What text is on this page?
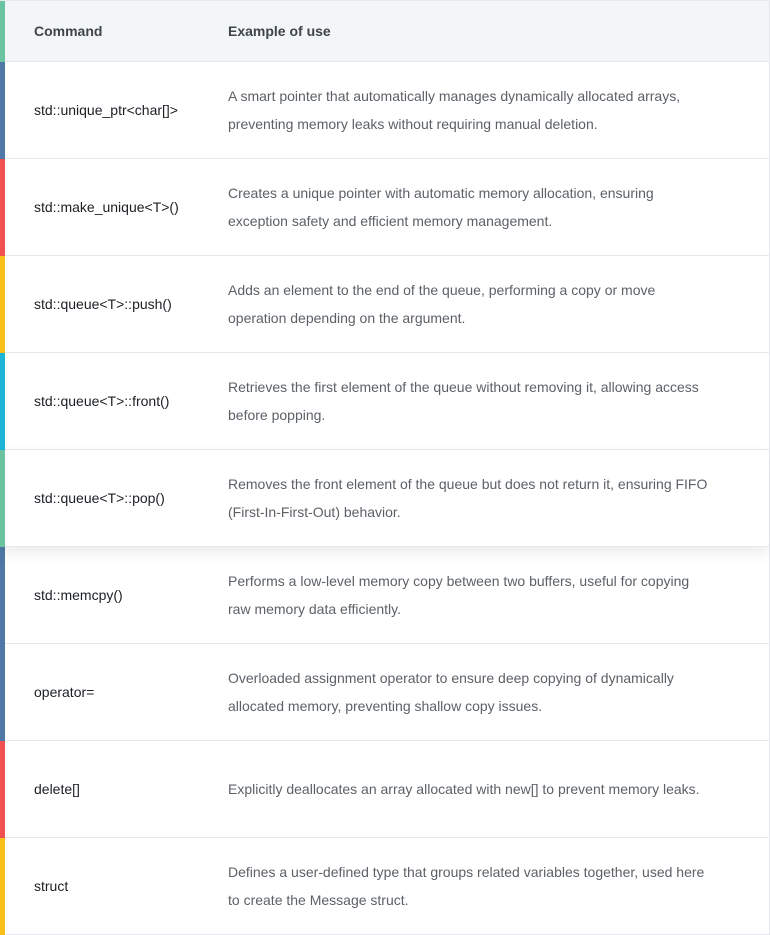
Command	Example of use
std::unique_ptr<char[]>
A smart pointer that automatically manages dynamically allocated arrays, preventing memory leaks without requiring manual deletion.
std::make_unique<T>()
Creates a unique pointer with automatic memory allocation, ensuring exception safety and efficient memory management.
std::queue<T>::push()
Adds an element to the end of the queue, performing a copy or move operation depending on the argument.
std::queue<T>::front()
Retrieves the first element of the queue without removing it, allowing access before popping.
std::queue<T>::pop()
Removes the front element of the queue but does not return it, ensuring FIFO (First-In-First-Out) behavior.
std::memcpy()
Performs a low-level memory copy between two buffers, useful for copying raw memory data efficiently.
operator=
Overloaded assignment operator to ensure deep copying of dynamically allocated memory, preventing shallow copy issues.
delete[]	Explicitly deallocates an array allocated with new[] to prevent memory leaks.
struct
Defines a user-defined type that groups related variables together, used here to create the Message struct.
